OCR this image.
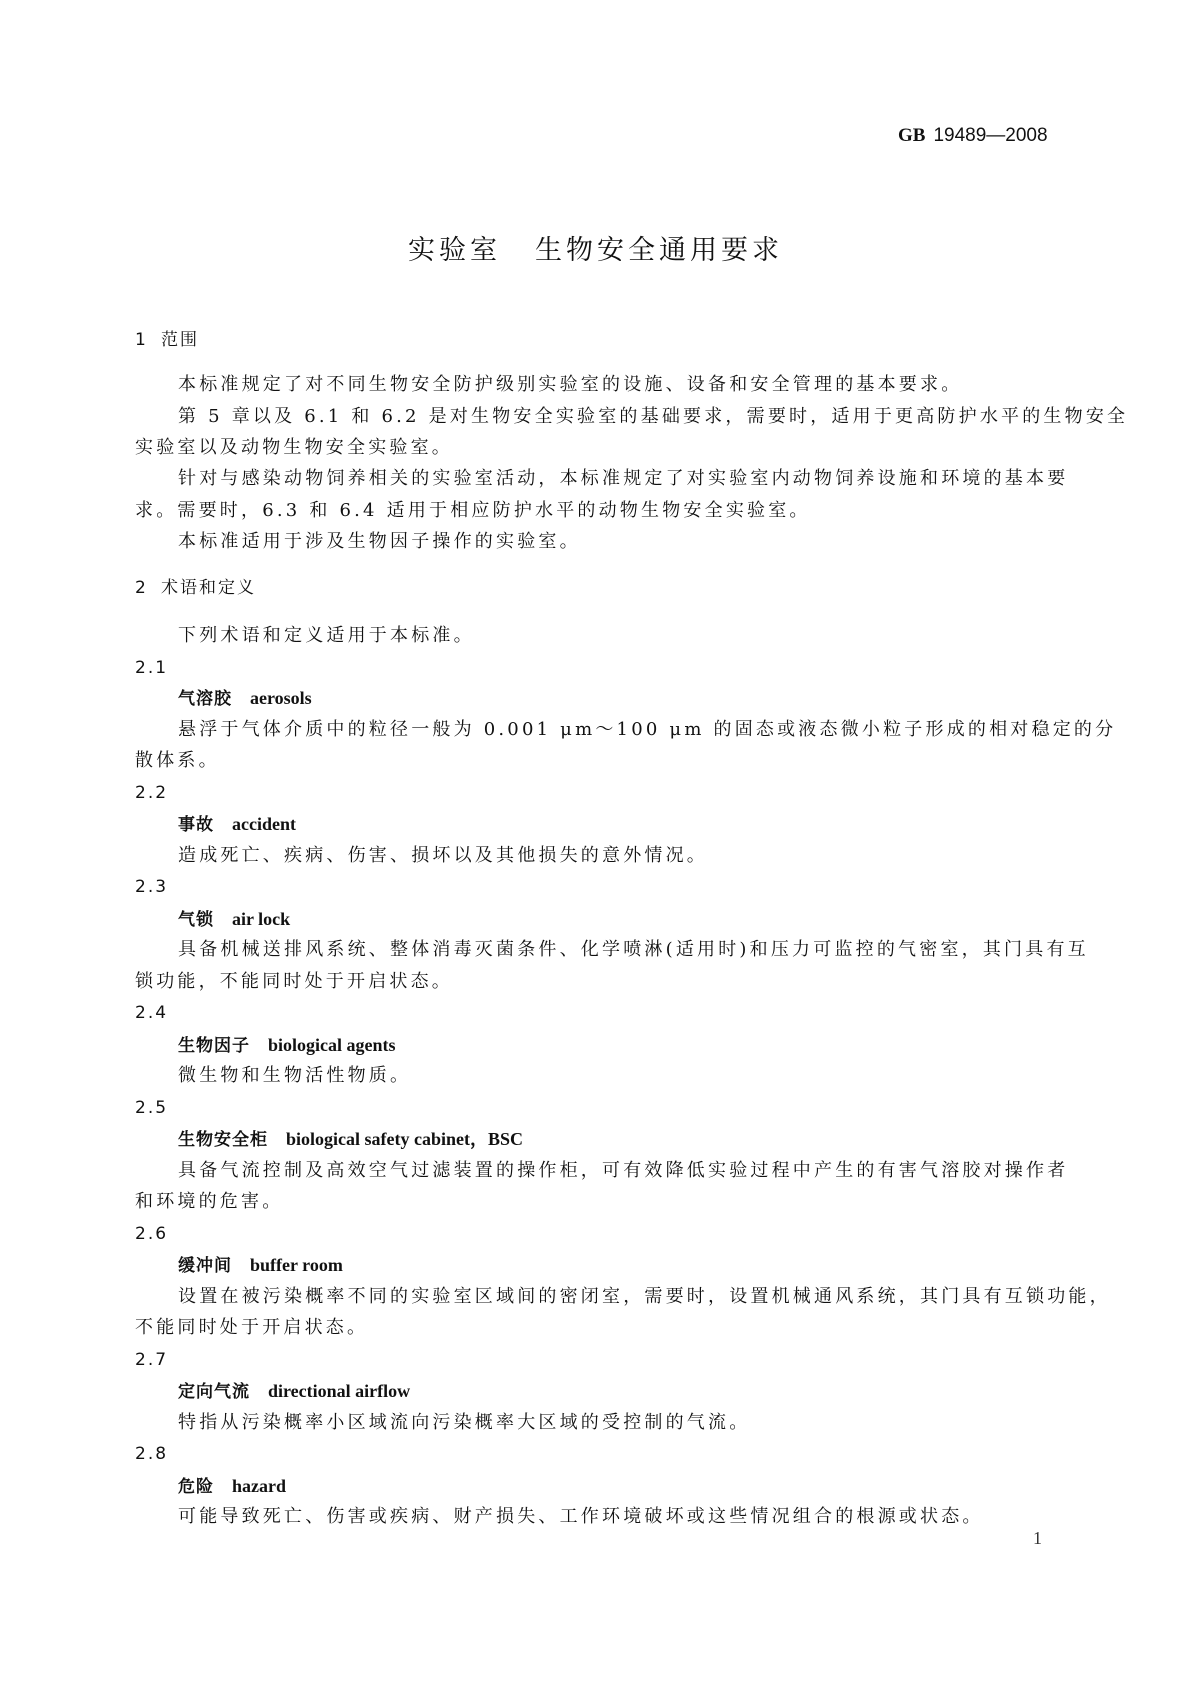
GB 19489—2008
实验室 生物安全通用要求
1 范围
本标准规定了对不同生物安全防护级别实验室的设施、设备和安全管理的基本要求。
第 5 章以及 6.1 和 6.2 是对生物安全实验室的基础要求，需要时，适用于更高防护水平的生物安全
实验室以及动物生物安全实验室。
针对与感染动物饲养相关的实验室活动，本标准规定了对实验室内动物饲养设施和环境的基本要
求。需要时，6.3 和 6.4 适用于相应防护水平的动物生物安全实验室。
本标准适用于涉及生物因子操作的实验室。
2 术语和定义
下列术语和定义适用于本标准。
2.1
气溶胶 aerosols
悬浮于气体介质中的粒径一般为 0.001 μm～100 μm 的固态或液态微小粒子形成的相对稳定的分
散体系。
2.2
事故 accident
造成死亡、疾病、伤害、损坏以及其他损失的意外情况。
2.3
气锁 air lock
具备机械送排风系统、整体消毒灭菌条件、化学喷淋(适用时)和压力可监控的气密室，其门具有互
锁功能，不能同时处于开启状态。
2.4
生物因子 biological agents
微生物和生物活性物质。
2.5
生物安全柜 biological safety cabinet，BSC
具备气流控制及高效空气过滤装置的操作柜，可有效降低实验过程中产生的有害气溶胶对操作者
和环境的危害。
2.6
缓冲间 buffer room
设置在被污染概率不同的实验室区域间的密闭室，需要时，设置机械通风系统，其门具有互锁功能，
不能同时处于开启状态。
2.7
定向气流 directional airflow
特指从污染概率小区域流向污染概率大区域的受控制的气流。
2.8
危险 hazard
可能导致死亡、伤害或疾病、财产损失、工作环境破坏或这些情况组合的根源或状态。
1
